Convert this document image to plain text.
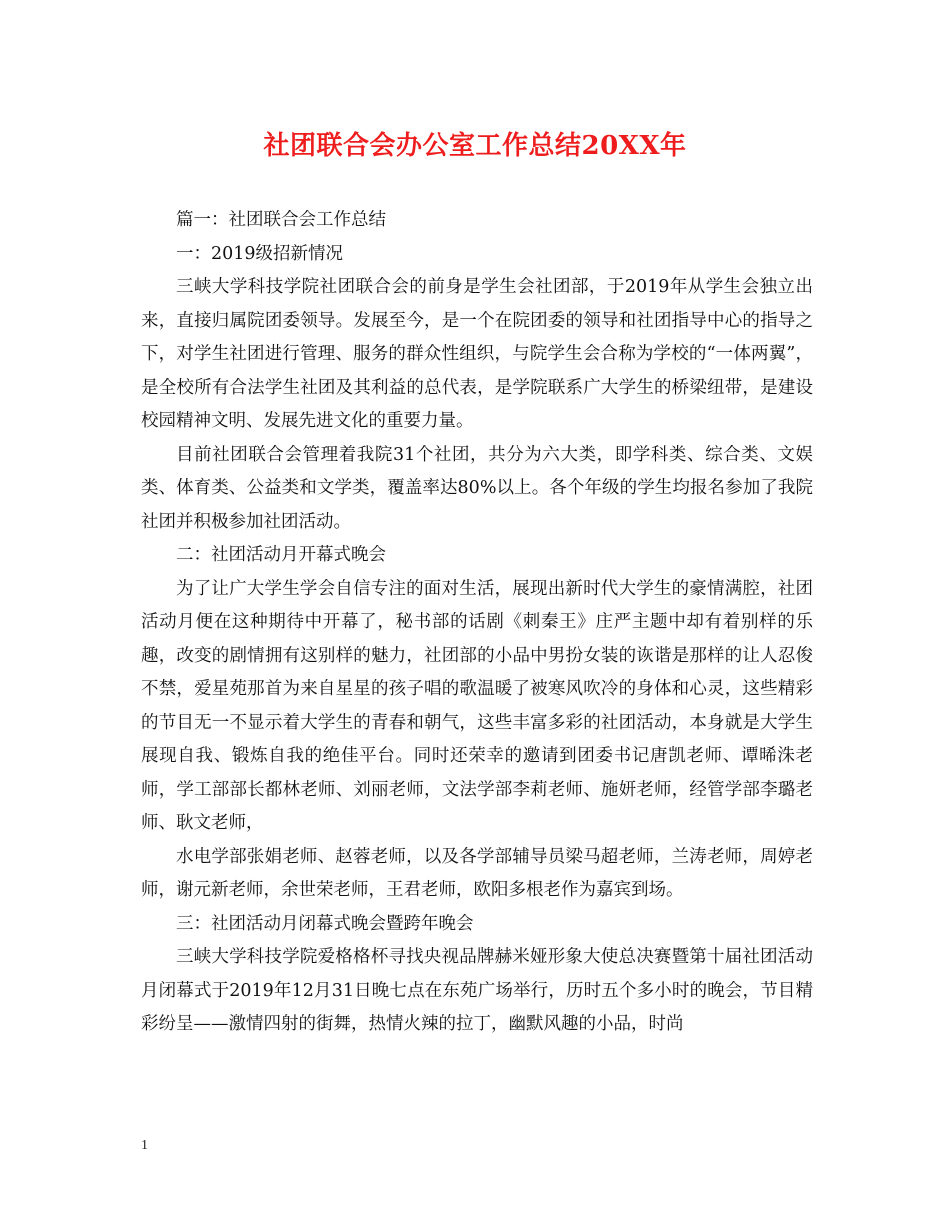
社团联合会办公室工作总结20XX年

篇一：社团联合会工作总结

一：2019级招新情况

三峡大学科技学院社团联合会的前身是学生会社团部，于2019年从学生会独立出来，直接归属院团委领导。发展至今，是一个在院团委的领导和社团指导中心的指导之下，对学生社团进行管理、服务的群众性组织，与院学生会合称为学校的“一体两翼”，是全校所有合法学生社团及其利益的总代表，是学院联系广大学生的桥梁纽带，是建设校园精神文明、发展先进文化的重要力量。

目前社团联合会管理着我院31个社团，共分为六大类，即学科类、综合类、文娱类、体育类、公益类和文学类，覆盖率达80%以上。各个年级的学生均报名参加了我院社团并积极参加社团活动。

二：社团活动月开幕式晚会

为了让广大学生学会自信专注的面对生活，展现出新时代大学生的豪情满腔，社团活动月便在这种期待中开幕了，秘书部的话剧《刺秦王》庄严主题中却有着别样的乐趣，改变的剧情拥有这别样的魅力，社团部的小品中男扮女装的诙谐是那样的让人忍俊不禁，爱星苑那首为来自星星的孩子唱的歌温暖了被寒风吹冷的身体和心灵，这些精彩的节目无一不显示着大学生的青春和朝气，这些丰富多彩的社团活动，本身就是大学生展现自我、锻炼自我的绝佳平台。同时还荣幸的邀请到团委书记唐凯老师、谭晞洙老师，学工部部长都林老师、刘丽老师，文法学部李莉老师、施妍老师，经管学部李璐老师、耿文老师，

水电学部张娟老师、赵蓉老师，以及各学部辅导员梁马超老师，兰涛老师，周婷老师，谢元新老师，余世荣老师，王君老师，欧阳多根老作为嘉宾到场。

三：社团活动月闭幕式晚会暨跨年晚会

三峡大学科技学院爱格格杯寻找央视品牌赫米娅形象大使总决赛暨第十届社团活动月闭幕式于2019年12月31日晚七点在东苑广场举行，历时五个多小时的晚会，节目精彩纷呈——激情四射的街舞，热情火辣的拉丁，幽默风趣的小品，时尚

1
